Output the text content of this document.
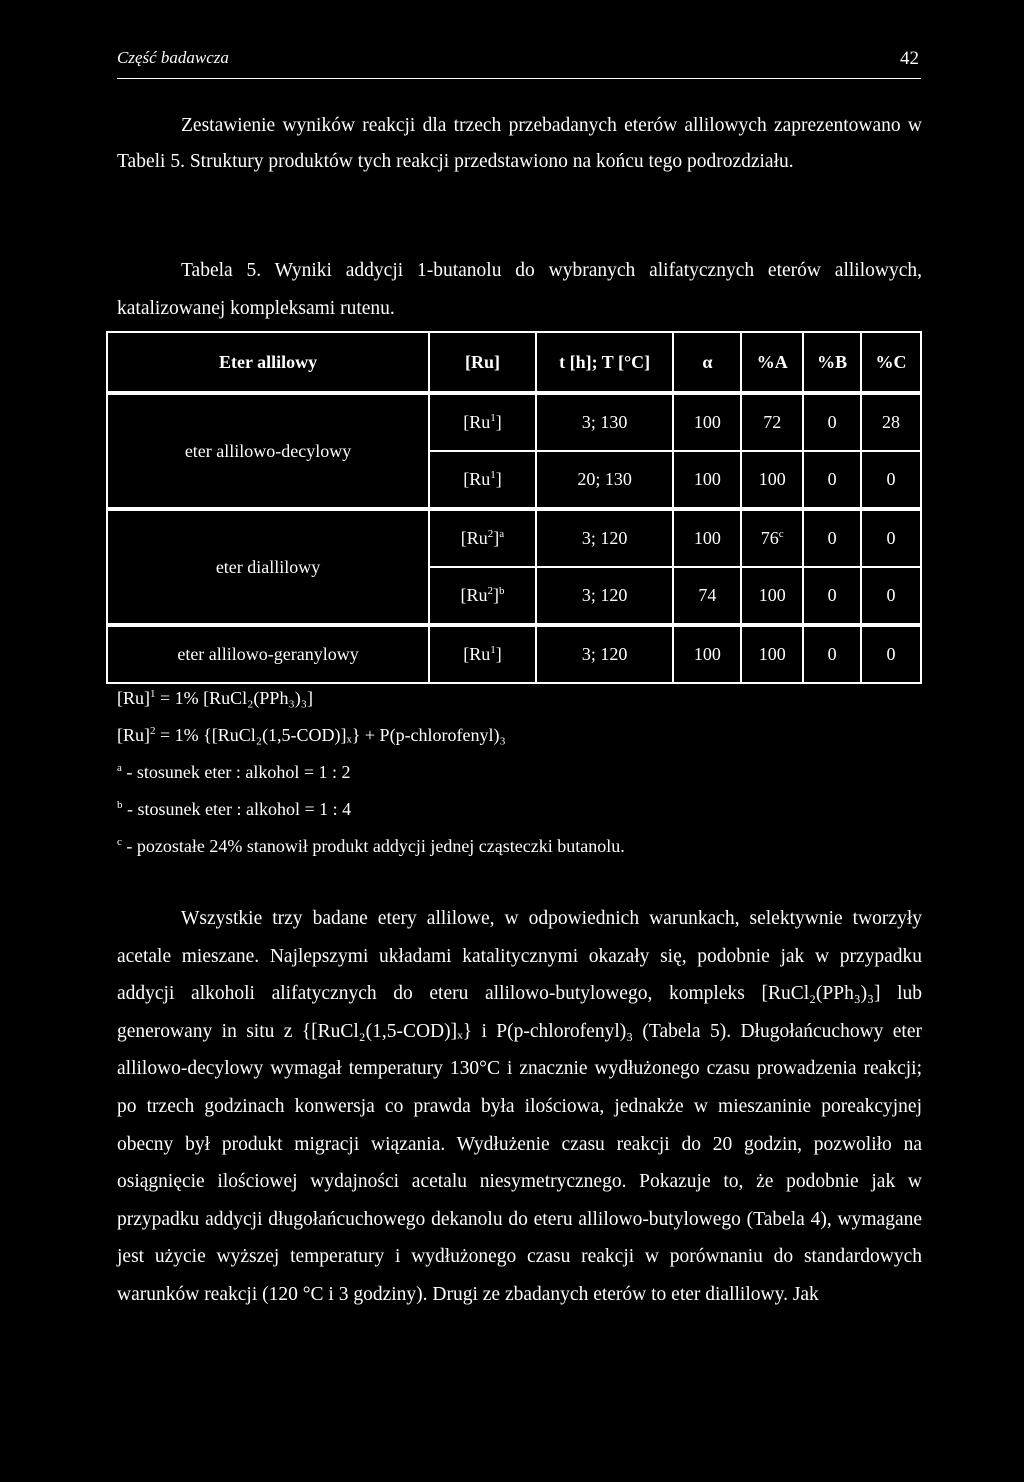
Część badawcza	42
Zestawienie wyników reakcji dla trzech przebadanych eterów allilowych zaprezentowano w Tabeli 5. Struktury produktów tych reakcji przedstawiono na końcu tego podrozdziału.
Tabela 5. Wyniki addycji 1-butanolu do wybranych alifatycznych eterów allilowych, katalizowanej kompleksami rutenu.
Eter allilowy	[Ru]	t [h]; T [°C]	α	%A	%B	%C
eter allilowo-decylowy	[Ru$^1$]	3; 130	100	72	0	28
	[Ru$^1$]	20; 130	100	100	0	0
eter diallilowy	$[Ru^2]^a$	3; 120	100	76$^c$	0	0
	$[Ru^2]^b$	3; 120	74	100	0	0
eter allilowo-geranylowy	[Ru$^1$]	3; 120	100	100	0	0
$[Ru]^1 = 1\%$ [RuCl₂(PPh₃)₃]
$[Ru]^2 = 1\%$ {[RuCl₂(1,5-COD)]ₓ} + P(p-chlorofenyl)₃
$^a$ - stosunek eter : alkohol = 1 : 2
$^b$ - stosunek eter : alkohol = 1 : 4
$^c$ - pozostałe 24% stanowił produkt addycji jednej cząsteczki butanolu.
Wszystkie trzy badane etery allilowe, w odpowiednich warunkach, selektywnie tworzyły acetale mieszane. Najlepszymi układami katalitycznymi okazały się, podobnie jak w przypadku addycji alkoholi alifatycznych do eteru allilowo-butylowego, kompleks [RuCl₂(PPh₃)₃] lub generowany in situ z {[RuCl₂(1,5-COD)]ₓ} i P(p-chlorofenyl)₃ (Tabela 5). Długołańcuchowy eter allilowo-decylowy wymagał temperatury 130°C i znacznie wydłużonego czasu prowadzenia reakcji; po trzech godzinach konwersja co prawda była ilościowa, jednakże w mieszaninie poreakcyjnej obecny był produkt migracji wiązania. Wydłużenie czasu reakcji do 20 godzin, pozwoliło na osiągnięcie ilościowej wydajności acetalu niesymetrycznego. Pokazuje to, że podobnie jak w przypadku addycji długołańcuchowego dekanolu do eteru allilowo-butylowego (Tabela 4), wymagane jest użycie wyższej temperatury i wydłużonego czasu reakcji w porównaniu do standardowych warunków reakcji (120 °C i 3 godziny). Drugi ze zbadanych eterów to eter diallilowy. Jak
